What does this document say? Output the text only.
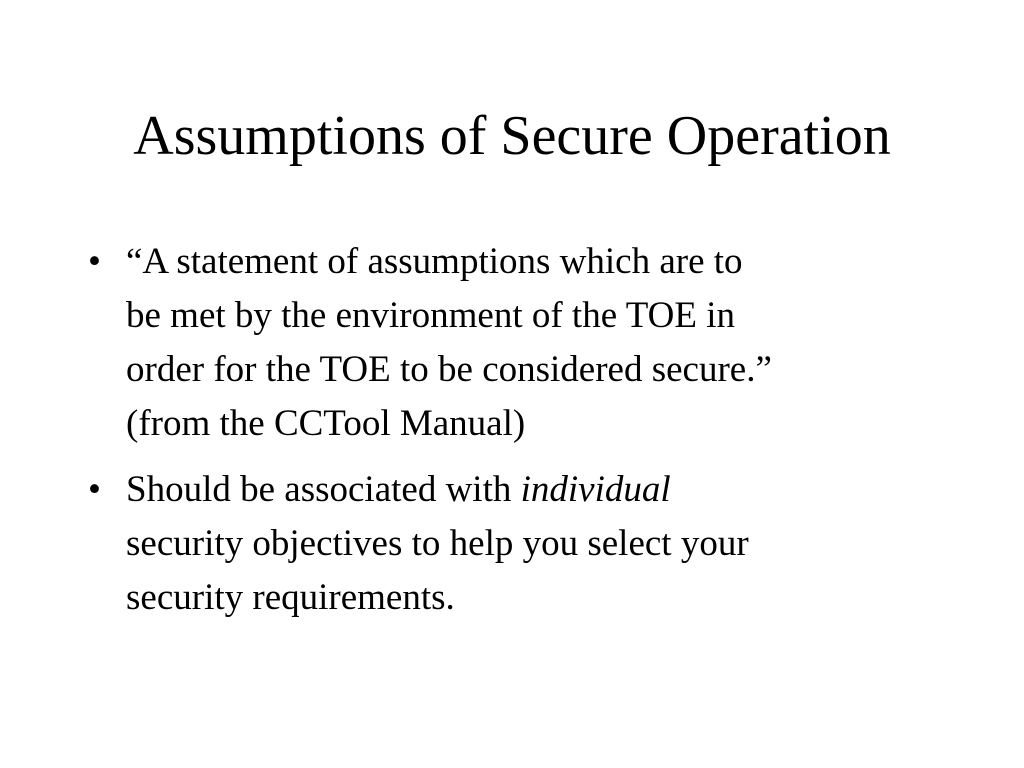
Assumptions of Secure Operation
• “A statement of assumptions which are to
be met by the environment of the TOE in
order for the TOE to be considered secure.”
(from the CCTool Manual)
• Should be associated with individual
security objectives to help you select your
security requirements.
